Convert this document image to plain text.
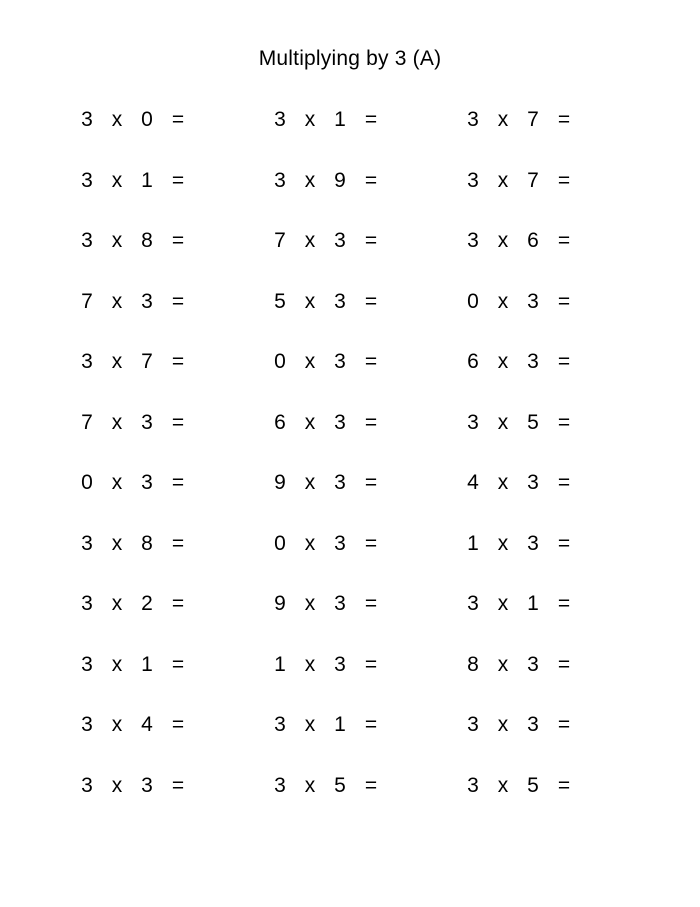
Multiplying by 3 (A)
3 x 0 =	3 x 1 =	3 x 7 =
3 x 1 =	3 x 9 =	3 x 7 =
3 x 8 =	7 x 3 =	3 x 6 =
7 x 3 =	5 x 3 =	0 x 3 =
3 x 7 =	0 x 3 =	6 x 3 =
7 x 3 =	6 x 3 =	3 x 5 =
0 x 3 =	9 x 3 =	4 x 3 =
3 x 8 =	0 x 3 =	1 x 3 =
3 x 2 =	9 x 3 =	3 x 1 =
3 x 1 =	1 x 3 =	8 x 3 =
3 x 4 =	3 x 1 =	3 x 3 =
3 x 3 =	3 x 5 =	3 x 5 =
